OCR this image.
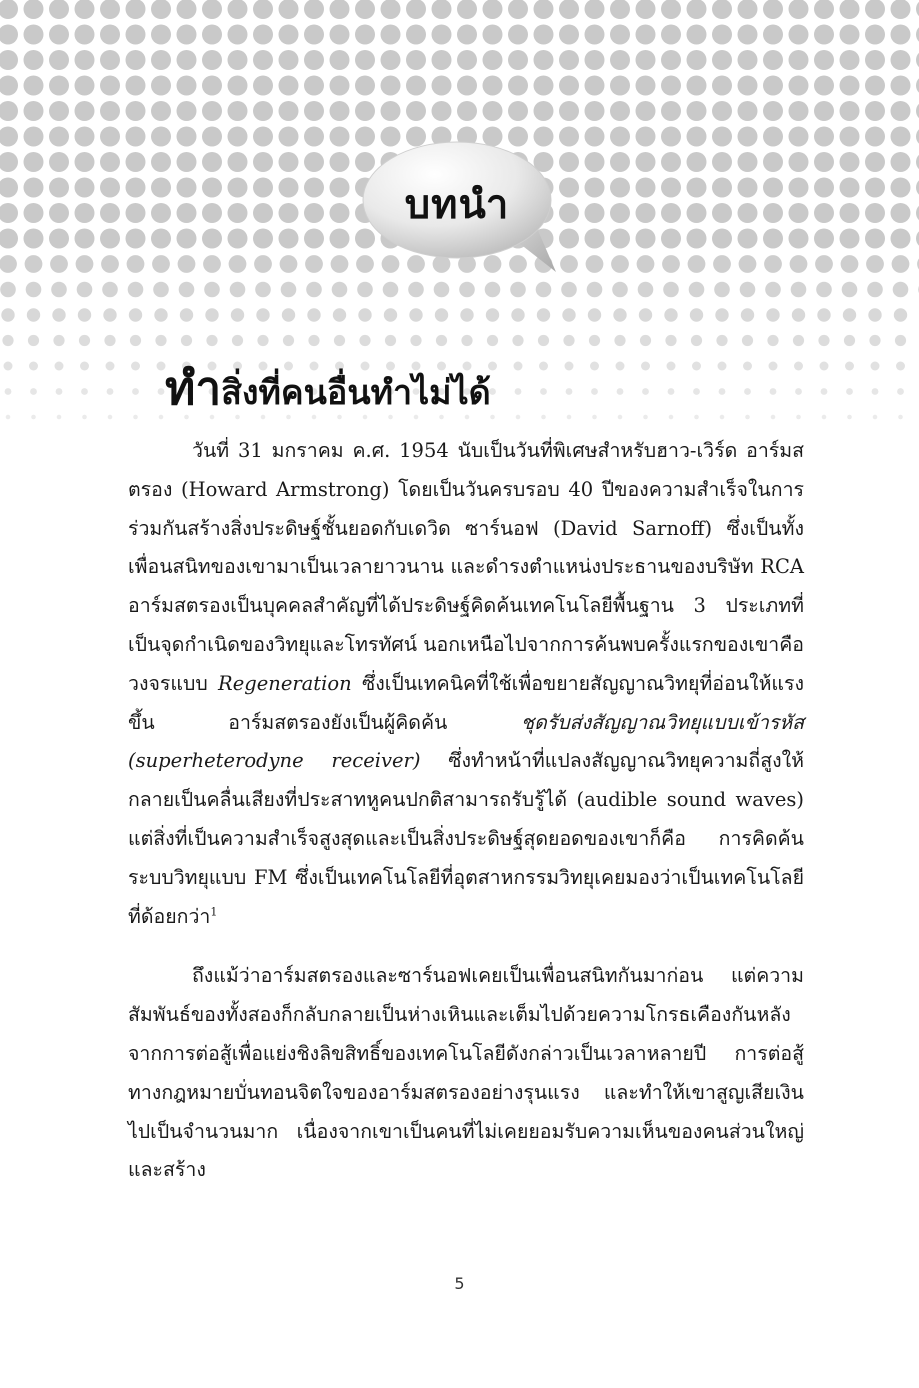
บทนำ
ทำสิ่งที่คนอื่นทำไม่ได้

วันที่ 31 มกราคม ค.ศ. 1954 นับเป็นวันที่พิเศษสำหรับฮาว-เวิร์ด อาร์มสตรอง (Howard Armstrong) โดยเป็นวันครบรอบ 40 ปีของความสำเร็จในการร่วมกันสร้างสิ่งประดิษฐ์ชั้นยอดกับเดวิด ซาร์นอฟ (David Sarnoff) ซึ่งเป็นทั้งเพื่อนสนิทของเขามาเป็นเวลายาวนาน และดำรงตำแหน่งประธานของบริษัท RCA อาร์มสตรองเป็นบุคคลสำคัญที่ได้ประดิษฐ์คิดค้นเทคโนโลยีพื้นฐาน 3 ประเภทที่เป็นจุดกำเนิดของวิทยุและโทรทัศน์ นอกเหนือไปจากการค้นพบครั้งแรกของเขาคือวงจรแบบ Regeneration ซึ่งเป็นเทคนิคที่ใช้เพื่อขยายสัญญาณวิทยุที่อ่อนให้แรงขึ้น อาร์มสตรองยังเป็นผู้คิดค้น ชุดรับส่งสัญญาณวิทยุแบบเข้ารหัส (superheterodyne receiver) ซึ่งทำหน้าที่แปลงสัญญาณวิทยุความถี่สูงให้กลายเป็นคลื่นเสียงที่ประสาทหูคนปกติสามารถรับรู้ได้ (audible sound waves) แต่สิ่งที่เป็นความสำเร็จสูงสุดและเป็นสิ่งประดิษฐ์สุดยอดของเขาก็คือ การคิดค้นระบบวิทยุแบบ FM ซึ่งเป็นเทคโนโลยีที่อุตสาหกรรมวิทยุเคยมองว่าเป็นเทคโนโลยีที่ด้อยกว่า$^1$

ถึงแม้ว่าอาร์มสตรองและซาร์นอฟเคยเป็นเพื่อนสนิทกันมาก่อน แต่ความสัมพันธ์ของทั้งสองก็กลับกลายเป็นห่างเหินและเต็มไปด้วยความโกรธเคืองกันหลังจากการต่อสู้เพื่อแย่งชิงลิขสิทธิ์ของเทคโนโลยีดังกล่าวเป็นเวลาหลายปี การต่อสู้ทางกฎหมายบั่นทอนจิตใจของอาร์มสตรองอย่างรุนแรง และทำให้เขาสูญเสียเงินไปเป็นจำนวนมาก เนื่องจากเขาเป็นคนที่ไม่เคยยอมรับความเห็นของคนส่วนใหญ่ และสร้าง

5
